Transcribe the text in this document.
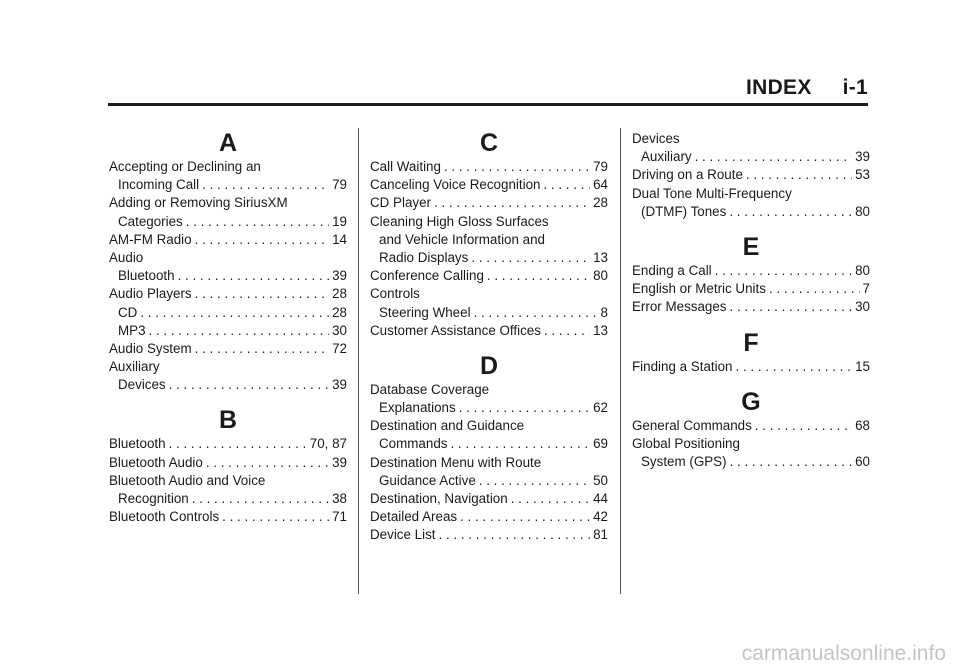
INDEX i-1
A
Accepting or Declining an
Incoming Call . . .	79
Adding or Removing SiriusXM
Categories . . .	19
AM-FM Radio . . .	14
Audio
Bluetooth . . .	39
Audio Players . . .	28
CD . . .	28
MP3 . . .	30
Audio System . . .	72
Auxiliary
Devices . . .	39
B
Bluetooth . . .	70, 87
Bluetooth Audio . . .	39
Bluetooth Audio and Voice
Recognition . . .	38
Bluetooth Controls . . .	71
C
Call Waiting . . .	79
Canceling Voice Recognition . . .	64
CD Player . . .	28
Cleaning High Gloss Surfaces
and Vehicle Information and
Radio Displays . . .	13
Conference Calling . . .	80
Controls
Steering Wheel . . .	8
Customer Assistance Offices . . .	13
D
Database Coverage
Explanations . . .	62
Destination and Guidance
Commands . . .	69
Destination Menu with Route
Guidance Active . . .	50
Destination, Navigation . . .	44
Detailed Areas . . .	42
Device List . . .	81
Devices
Auxiliary . . .	39
Driving on a Route . . .	53
Dual Tone Multi-Frequency
(DTMF) Tones . . .	80
E
Ending a Call . . .	80
English or Metric Units . . .	7
Error Messages . . .	30
F
Finding a Station . . .	15
G
General Commands . . .	68
Global Positioning
System (GPS) . . .	60
carmanualsonline.info
